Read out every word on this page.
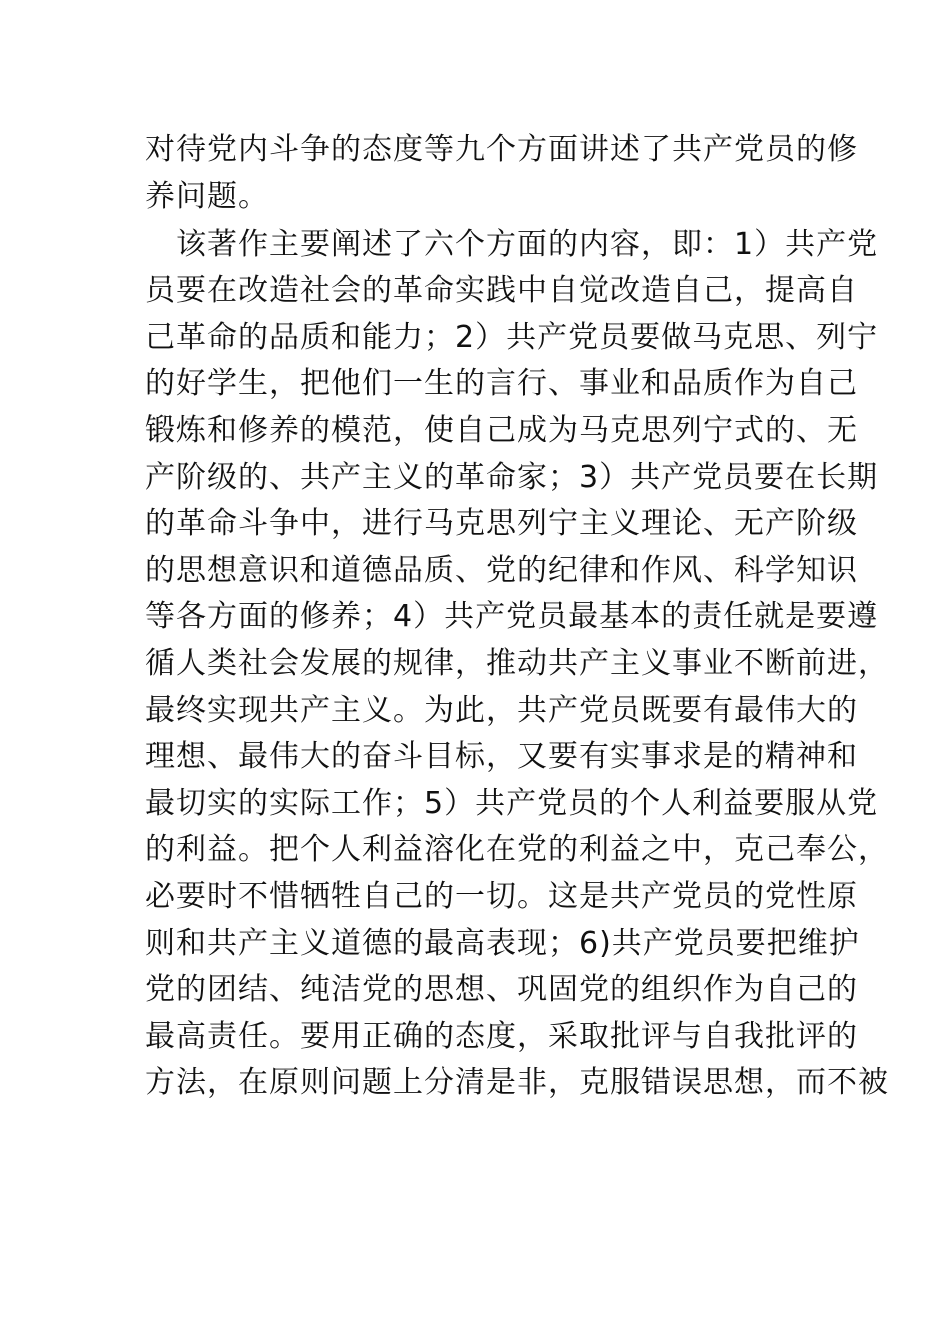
对待党内斗争的态度等九个方面讲述了共产党员的修
养问题。
　该著作主要阐述了六个方面的内容，即：1）共产党
员要在改造社会的革命实践中自觉改造自己，提高自
己革命的品质和能力；2）共产党员要做马克思、列宁
的好学生，把他们一生的言行、事业和品质作为自己
锻炼和修养的模范，使自己成为马克思列宁式的、无
产阶级的、共产主义的革命家；3）共产党员要在长期
的革命斗争中，进行马克思列宁主义理论、无产阶级
的思想意识和道德品质、党的纪律和作风、科学知识
等各方面的修养；4）共产党员最基本的责任就是要遵
循人类社会发展的规律，推动共产主义事业不断前进，
最终实现共产主义。为此，共产党员既要有最伟大的
理想、最伟大的奋斗目标，又要有实事求是的精神和
最切实的实际工作；5）共产党员的个人利益要服从党
的利益。把个人利益溶化在党的利益之中，克己奉公，
必要时不惜牺牲自己的一切。这是共产党员的党性原
则和共产主义道德的最高表现；6)共产党员要把维护
党的团结、纯洁党的思想、巩固党的组织作为自己的
最高责任。要用正确的态度，采取批评与自我批评的
方法，在原则问题上分清是非，克服错误思想，而不被
